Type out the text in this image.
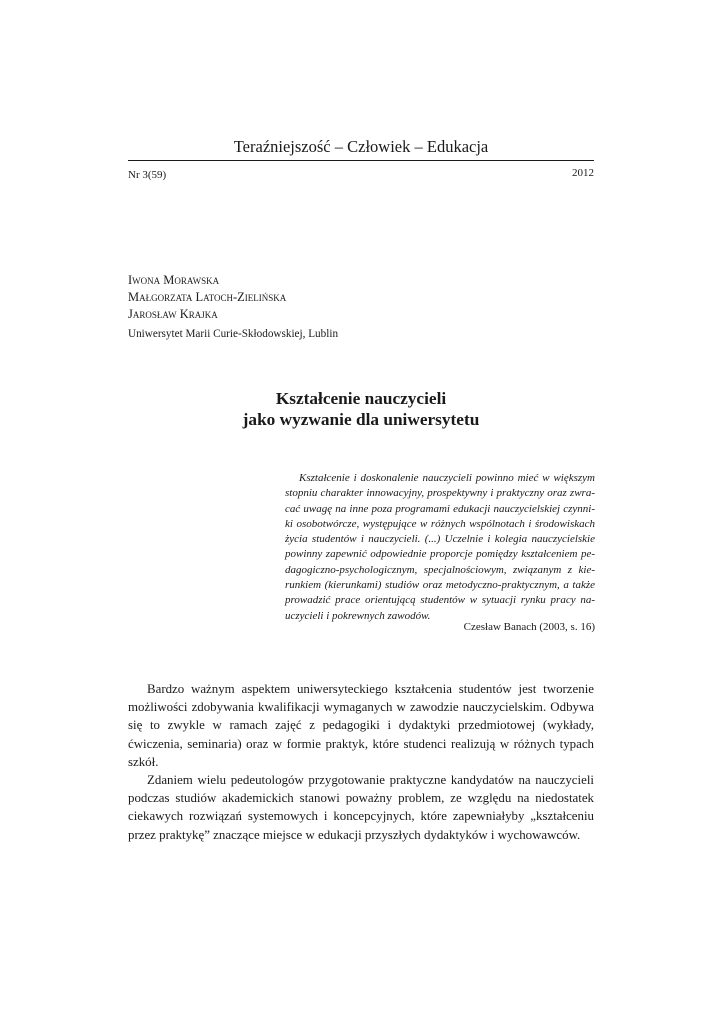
Teraźniejszość – Człowiek – Edukacja
Nr 3(59)	2012
Iwona Morawska
Małgorzata Latoch-Zielińska
Jarosław Krajka
Uniwersytet Marii Curie-Skłodowskiej, Lublin
Kształcenie nauczycieli
jako wyzwanie dla uniwersytetu
Kształcenie i doskonalenie nauczycieli powinno mieć w większym stopniu charakter innowacyjny, prospektywny i praktyczny oraz zwracać uwagę na inne poza programami edukacji nauczycielskiej czynniki osobotwórcze, występujące w różnych wspólnotach i środowiskach życia studentów i nauczycieli. (...) Uczelnie i kolegia nauczycielskie powinny zapewnić odpowiednie proporcje pomiędzy kształceniem pedagogiczno-psychologicznym, specjalnościowym, związanym z kierunkiem (kierunkami) studiów oraz metodyczno-praktycznym, a także prowadzić prace orientującą studentów w sytuacji rynku pracy nauczycieli i pokrewnych zawodów.
Czesław Banach (2003, s. 16)

Bardzo ważnym aspektem uniwersyteckiego kształcenia studentów jest tworzenie możliwości zdobywania kwalifikacji wymaganych w zawodzie nauczycielskim. Odbywa się to zwykle w ramach zajęć z pedagogiki i dydaktyki przedmiotowej (wykłady, ćwiczenia, seminaria) oraz w formie praktyk, które studenci realizują w różnych typach szkół.

Zdaniem wielu pedeutologów przygotowanie praktyczne kandydatów na nauczycieli podczas studiów akademickich stanowi poważny problem, ze względu na niedostatek ciekawych rozwiązań systemowych i koncepcyjnych, które zapewniałyby „kształceniu przez praktykę” znaczące miejsce w edukacji przyszłych dydaktyków i wychowawców.
